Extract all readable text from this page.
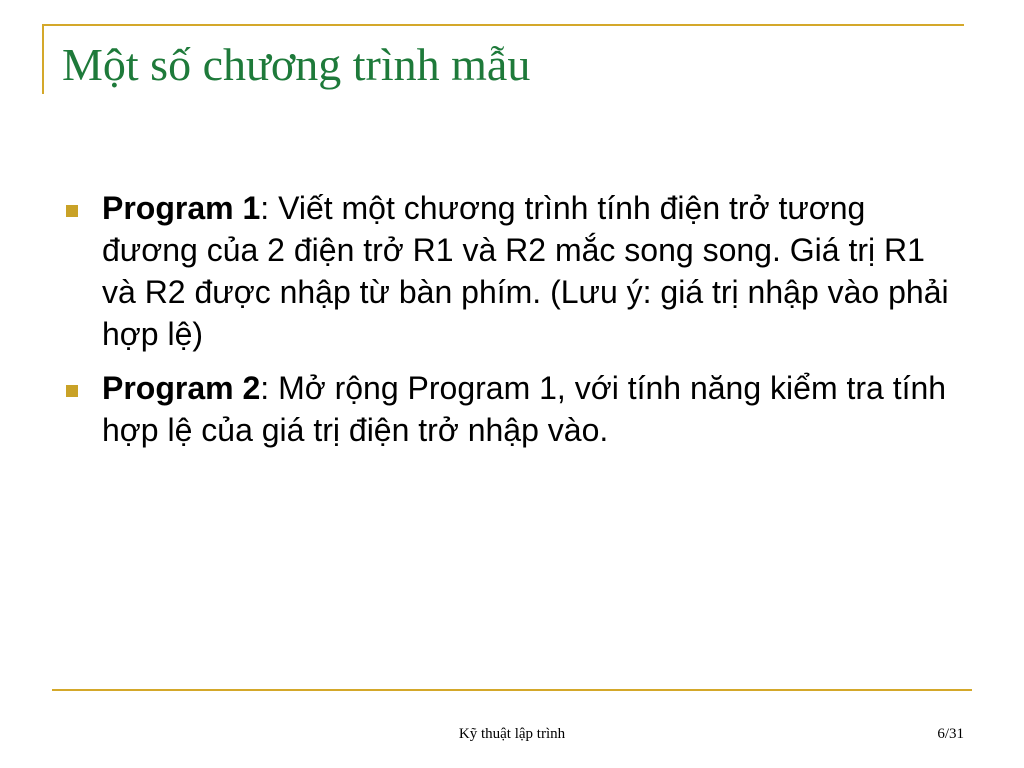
Một số chương trình mẫu
Program 1: Viết một chương trình tính điện trở tương đương của 2 điện trở R1 và R2 mắc song song. Giá trị R1 và R2 được nhập từ bàn phím. (Lưu ý: giá trị nhập vào phải hợp lệ)
Program 2: Mở rộng Program 1, với tính năng kiểm tra tính hợp lệ của giá trị điện trở nhập vào.
Kỹ thuật lập trình	6/31
